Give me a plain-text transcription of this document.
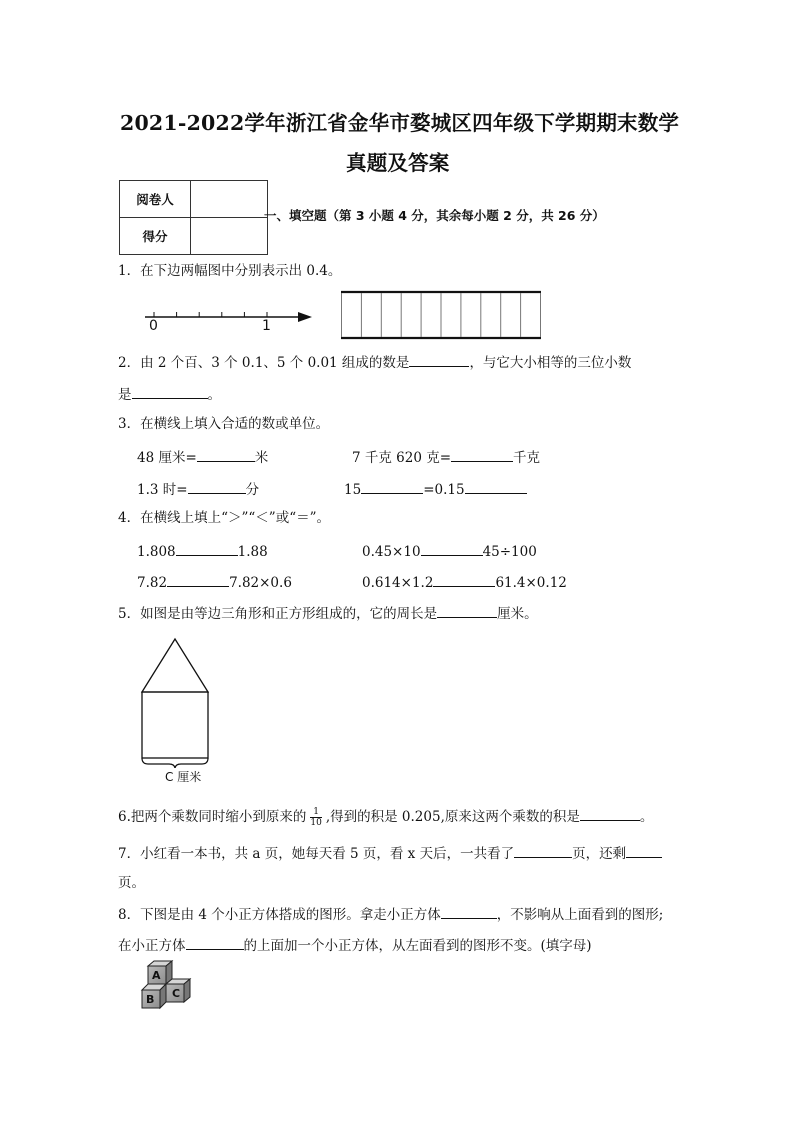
2021-2022学年浙江省金华市婺城区四年级下学期期末数学
真题及答案
阅卷人	
得分	
一、填空题（第 3 小题 4 分，其余每小题 2 分，共 26 分）
1．在下边两幅图中分别表示出 0.4。
0	1
2．由 2 个百、3 个 0.1、5 个 0.01 组成的数是	，与它大小相等的三位小数
是	。
3．在横线上填入合适的数或单位。
48 厘米=	米	7 千克 620 克=	千克
1.3 时=	分	15	=0.15
4．在横线上填上“＞”“＜”或“＝”。
1.808	1.88	0.45×10	45÷100
7.82	7.82×0.6	0.614×1.2	61.4×0.12
5．如图是由等边三角形和正方形组成的，它的周长是	厘米。
C 厘米
6.把两个乘数同时缩小到原来的 $\frac{1}{10}$ ,得到的积是 0.205,原来这两个乘数的积是	。
7．小红看一本书，共 a 页，她每天看 5 页，看 x 天后，一共看了	页，还剩
页。
8．下图是由 4 个小正方体搭成的图形。拿走小正方体	，不影响从上面看到的图形;
在小正方体	的上面加一个小正方体，从左面看到的图形不变。(填字母)
A
B C
